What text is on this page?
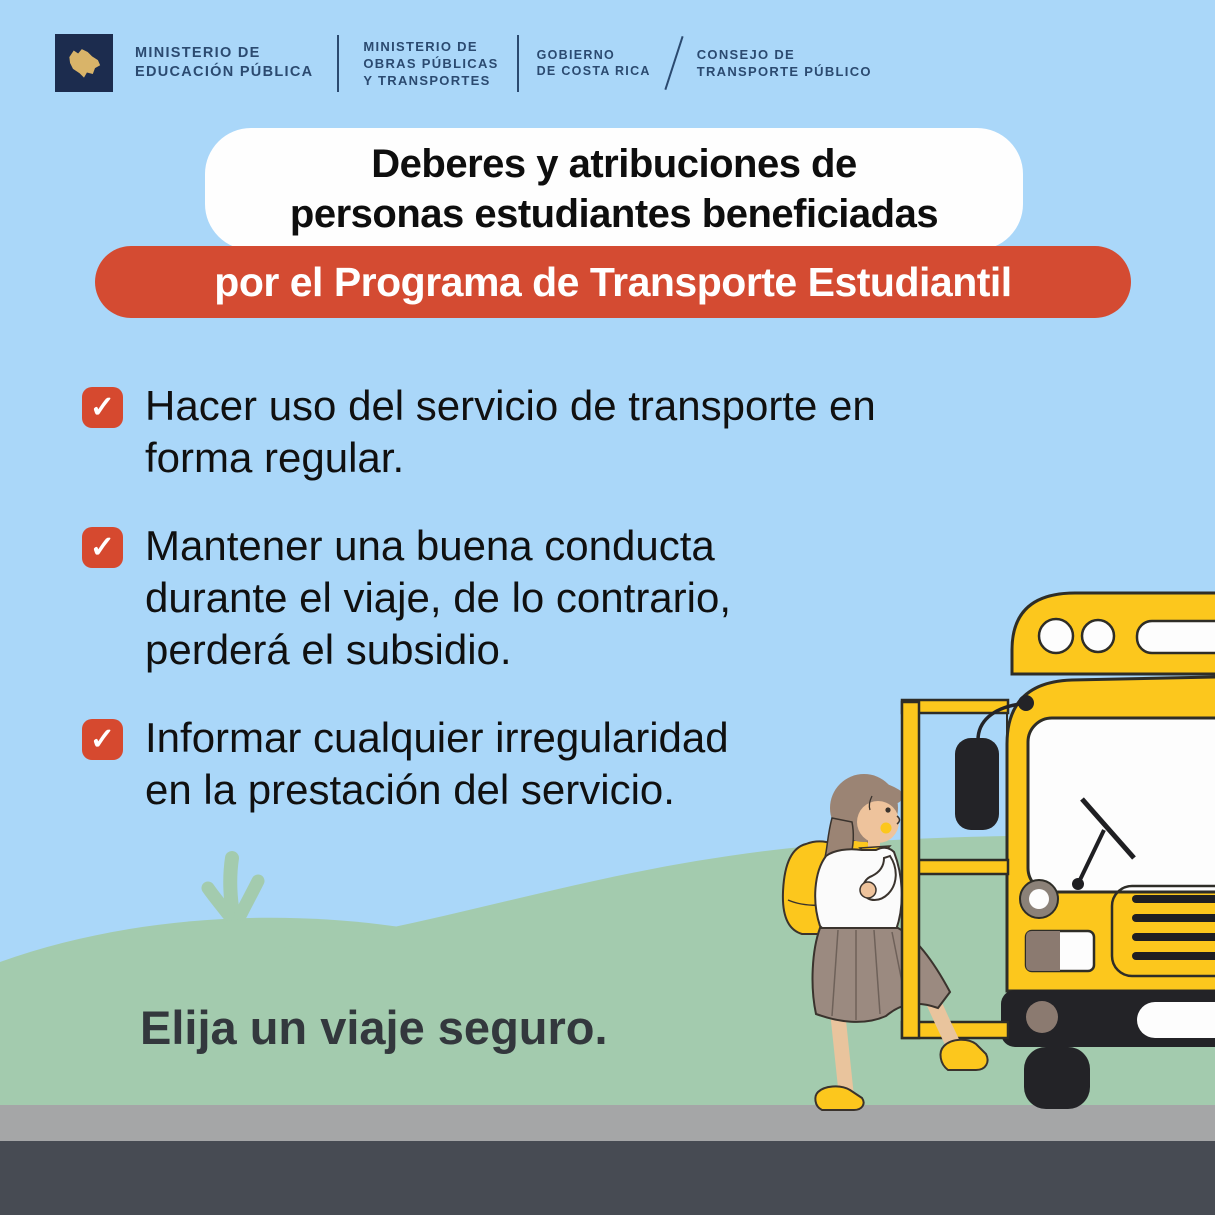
MINISTERIO DE
EDUCACIÓN PÚBLICA
MINISTERIO DE
OBRAS PÚBLICAS
Y TRANSPORTES
GOBIERNO
DE COSTA RICA
CONSEJO DE
TRANSPORTE PÚBLICO
Deberes y atribuciones de
personas estudiantes beneficiadas
por el Programa de Transporte Estudiantil
✓ Hacer uso del servicio de transporte en
forma regular.
✓ Mantener una buena conducta
durante el viaje, de lo contrario,
perderá el subsidio.
✓ Informar cualquier irregularidad
en la prestación del servicio.
Elija un viaje seguro.
